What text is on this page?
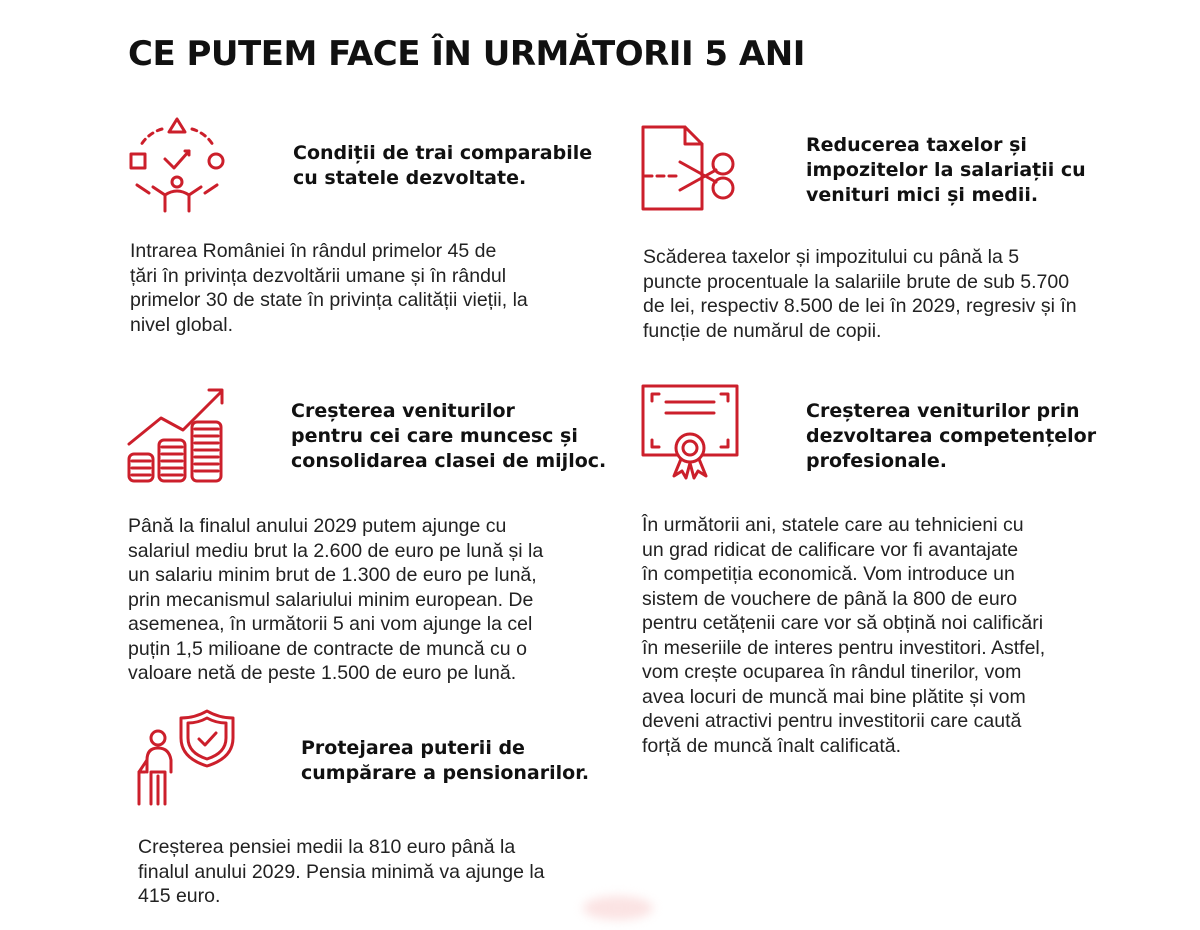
CE PUTEM FACE ÎN URMĂTORII 5 ANI
Condiții de trai comparabile
cu statele dezvoltate.
Intrarea României în rândul primelor 45 de
țări în privința dezvoltării umane și în rândul
primelor 30 de state în privința calității vieții, la
nivel global.
Reducerea taxelor și
impozitelor la salariații cu
venituri mici și medii.
Scăderea taxelor și impozitului cu până la 5
puncte procentuale la salariile brute de sub 5.700
de lei, respectiv 8.500 de lei în 2029, regresiv și în
funcție de numărul de copii.
Creșterea veniturilor
pentru cei care muncesc și
consolidarea clasei de mijloc.
Până la finalul anului 2029 putem ajunge cu
salariul mediu brut la 2.600 de euro pe lună și la
un salariu minim brut de 1.300 de euro pe lună,
prin mecanismul salariului minim european. De
asemenea, în următorii 5 ani vom ajunge la cel
puțin 1,5 milioane de contracte de muncă cu o
valoare netă de peste 1.500 de euro pe lună.
Creșterea veniturilor prin
dezvoltarea competențelor
profesionale.
În următorii ani, statele care au tehnicieni cu
un grad ridicat de calificare vor fi avantajate
în competiția economică. Vom introduce un
sistem de vouchere de până la 800 de euro
pentru cetățenii care vor să obțină noi calificări
în meseriile de interes pentru investitori. Astfel,
vom crește ocuparea în rândul tinerilor, vom
avea locuri de muncă mai bine plătite și vom
deveni atractivi pentru investitorii care caută
forță de muncă înalt calificată.
Protejarea puterii de
cumpărare a pensionarilor.
Creșterea pensiei medii la 810 euro până la
finalul anului 2029. Pensia minimă va ajunge la
415 euro.
